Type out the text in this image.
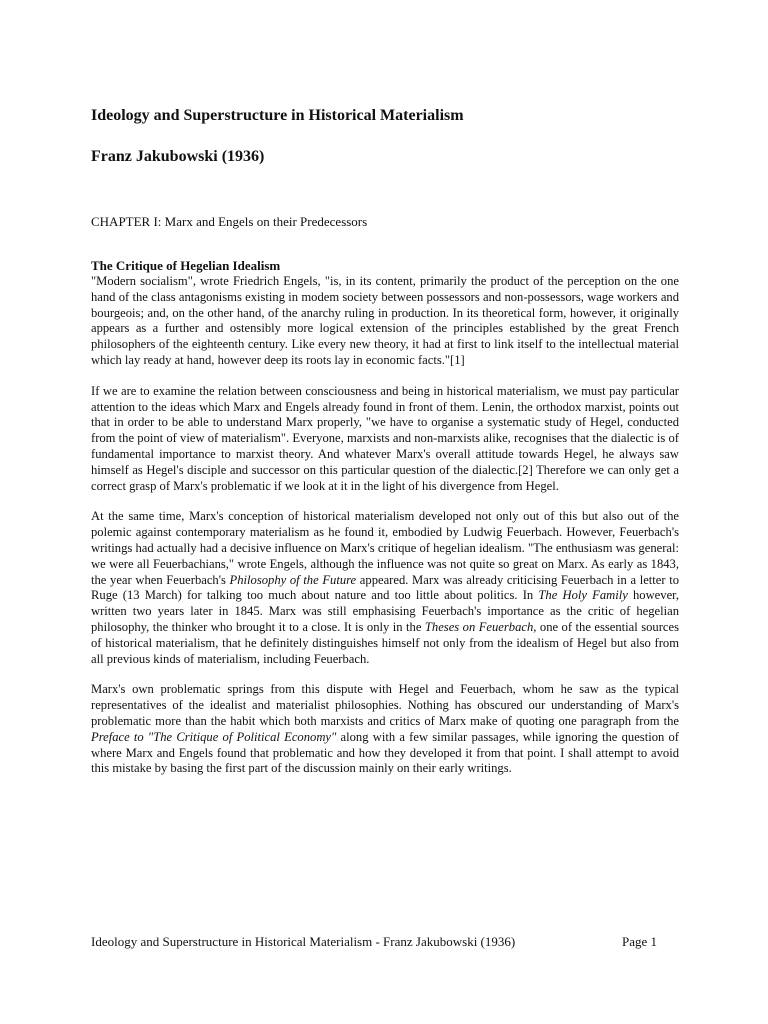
Ideology and Superstructure in Historical Materialism
Franz Jakubowski (1936)
CHAPTER I: Marx and Engels on their Predecessors
The Critique of Hegelian Idealism

"Modern socialism", wrote Friedrich Engels, "is, in its content, primarily the product of the perception on the one hand of the class antagonisms existing in modem society between possessors and non-possessors, wage workers and bourgeois; and, on the other hand, of the anarchy ruling in production. In its theoretical form, however, it originally appears as a further and ostensibly more logical extension of the principles established by the great French philosophers of the eighteenth century. Like every new theory, it had at first to link itself to the intellectual material which lay ready at hand, however deep its roots lay in economic facts."[1]

If we are to examine the relation between consciousness and being in historical materialism, we must pay particular attention to the ideas which Marx and Engels already found in front of them. Lenin, the orthodox marxist, points out that in order to be able to understand Marx properly, "we have to organise a systematic study of Hegel, conducted from the point of view of materialism". Everyone, marxists and non-marxists alike, recognises that the dialectic is of fundamental importance to marxist theory. And whatever Marx's overall attitude towards Hegel, he always saw himself as Hegel's disciple and successor on this particular question of the dialectic.[2] Therefore we can only get a correct grasp of Marx's problematic if we look at it in the light of his divergence from Hegel.

At the same time, Marx's conception of historical materialism developed not only out of this but also out of the polemic against contemporary materialism as he found it, embodied by Ludwig Feuerbach. However, Feuerbach's writings had actually had a decisive influence on Marx's critique of hegelian idealism. "The enthusiasm was general: we were all Feuerbachians," wrote Engels, although the influence was not quite so great on Marx. As early as 1843, the year when Feuerbach's Philosophy of the Future appeared. Marx was already criticising Feuerbach in a letter to Ruge (13 March) for talking too much about nature and too little about politics. In The Holy Family however, written two years later in 1845. Marx was still emphasising Feuerbach's importance as the critic of hegelian philosophy, the thinker who brought it to a close. It is only in the Theses on Feuerbach, one of the essential sources of historical materialism, that he definitely distinguishes himself not only from the idealism of Hegel but also from all previous kinds of materialism, including Feuerbach.

Marx's own problematic springs from this dispute with Hegel and Feuerbach, whom he saw as the typical representatives of the idealist and materialist philosophies. Nothing has obscured our understanding of Marx's problematic more than the habit which both marxists and critics of Marx make of quoting one paragraph from the Preface to "The Critique of Political Economy" along with a few similar passages, while ignoring the question of where Marx and Engels found that problematic and how they developed it from that point. I shall attempt to avoid this mistake by basing the first part of the discussion mainly on their early writings.

Ideology and Superstructure in Historical Materialism - Franz Jakubowski (1936)	Page 1
